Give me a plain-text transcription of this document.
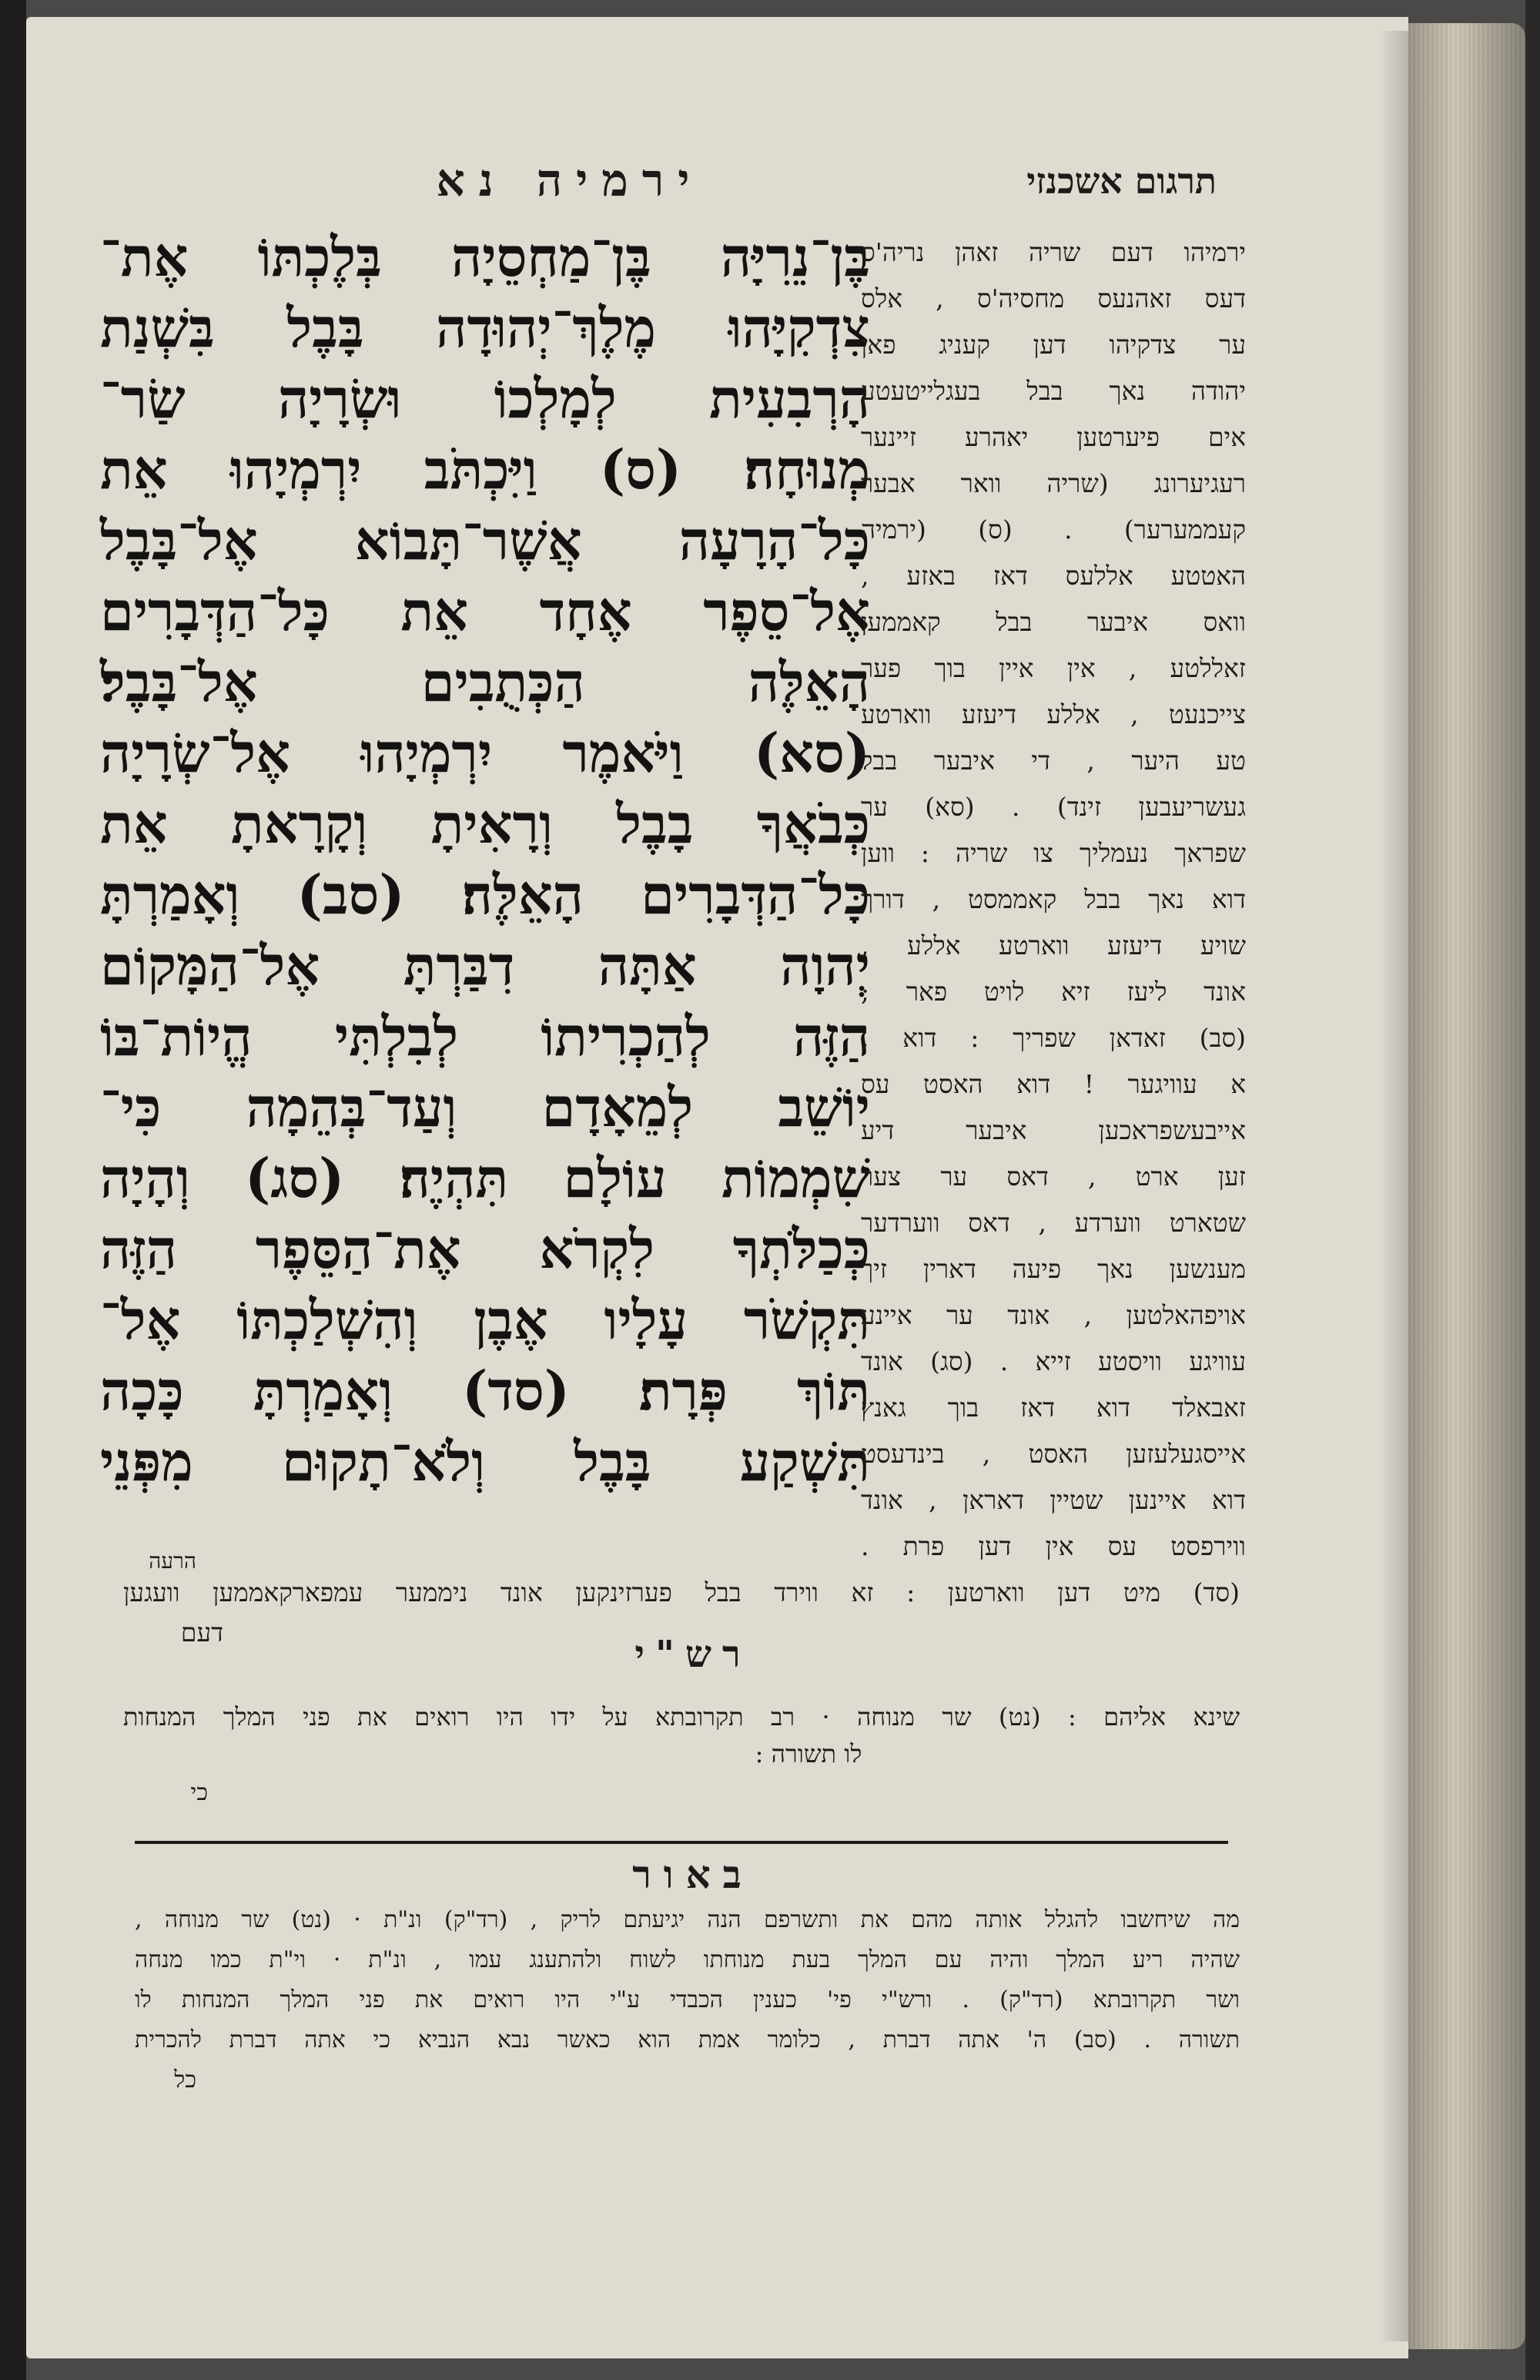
תרגום אשכנזי
ירמיה נא
בֶּן־נֵרִיָּה בֶּן־מַחְסֵיָה בְּלֶכְתּוֹ אֶת־
צִדְקִיָּהוּ מֶלֶךְ־יְהוּדָה בָּבֶל בִּשְׁנַת
הָרְבִעִית לְמָלְכוֹ וּשְׂרָיָה שַׂר־
מְנוּחָה׃ (ס) וַיִּכְתֹּב יִרְמְיָהוּ אֵת
כָּל־הָרָעָה אֲשֶׁר־תָּבוֹא אֶל־בָּבֶל
אֶל־סֵפֶר אֶחָד אֵת כָּל־הַדְּבָרִים
הָאֵלֶּה הַכְּתֻבִים אֶל־בָּבֶל׃
(סא) וַיֹּאמֶר יִרְמְיָהוּ אֶל־שְׂרָיָה
כְּבֹאֲךָ בָבֶל וְרָאִיתָ וְקָרָאתָ אֵת
כָּל־הַדְּבָרִים הָאֵלֶּה׃ (סב) וְאָמַרְתָּ
יְהוָה אַתָּה דִבַּרְתָּ אֶל־הַמָּקוֹם
הַזֶּה לְהַכְרִיתוֹ לְבִלְתִּי הֱיוֹת־בּוֹ
יוֹשֵׁב לְמֵאָדָם וְעַד־בְּהֵמָה כִּי־
שִׁמְמוֹת עוֹלָם תִּהְיֶה׃ (סג) וְהָיָה
כְּכַלֹּתְךָ לִקְרֹא אֶת־הַסֵּפֶר הַזֶּה
תִּקְשֹׁר עָלָיו אֶבֶן וְהִשְׁלַכְתּוֹ אֶל־
תּוֹךְ פְּרָת׃ (סד) וְאָמַרְתָּ כָּכָה
תִּשְׁקַע בָּבֶל וְלֹא־תָקוּם מִפְּנֵי
ירמיהו דעם שריה זאהן נריה'ס
דעס זאהנעס מחסיה'ס , אלס
ער צדקיהו דען קעניג פאן
יהודה נאך בבל בעגלייטעטע
אים פיערטען יאהרע זיינער
רעגיערונג (שריה וואר אבער
קעממערער) . (ס) (ירמיה
האטטע אללעס דאז באזע ,
וואס איבער בבל קאממען
זאללטע , אין איין בוך פער
צייכנעט , אללע דיעזע ווארטע
טע היער , די איבער בבל
געשריעבען זינד) . (סא) ער
שפראך נעמליך צו שריה : ווען
דוא נאך בבל קאממסט , דורך
שויע דיעזע ווארטע אללע ,
אונד ליעז זיא לויט פאר ;
(סב) זאדאן שפריך : דוא ,
א עוויגער ! דוא האסט עס
אייבעשפראכען איבער דיע
זען ארט , דאס ער צער
שטארט ווערדע , דאס ווערדער
מענשען נאך פיעה דארין זיך
אויפהאלטען , אונד ער איינע
עוויגע וויסטע זייא . (סג) אונד
זאבאלד דוא דאז בוך גאנץ
אייסגעלעזען האסט , בינדעסט
דוא איינען שטיין דאראן , אונד
ווירפסט עס אין דען פרת .
הרעה
(סד) מיט דען ווארטען : זא ווירד בבל פערזינקען אונד ניממער עמפארקאממען וועגען
דעם
רש"י
שינא אליהם : (נט) שר מנוחה · רב תקרובתא על ידו היו רואים את פני המלך המנחות
לו תשורה :
כי
באור
מה שיחשבו להגלל אותה מהם את ותשרפם הנה יגיעתם לריק , (רד"ק) ונ"ת · (נט) שר מנוחה ,
שהיה ריע המלך והיה עם המלך בעת מנוחתו לשוח ולהתענג עמו , ונ"ת · וי"ת כמו מנחה
ושר תקרובתא (רד"ק) . ורש"י פי' כענין הכבדי ע"י היו רואים את פני המלך המנחות לו
תשורה . (סב) ה' אתה דברת , כלומר אמת הוא כאשר נבא הנביא כי אתה דברת להכרית
כל
